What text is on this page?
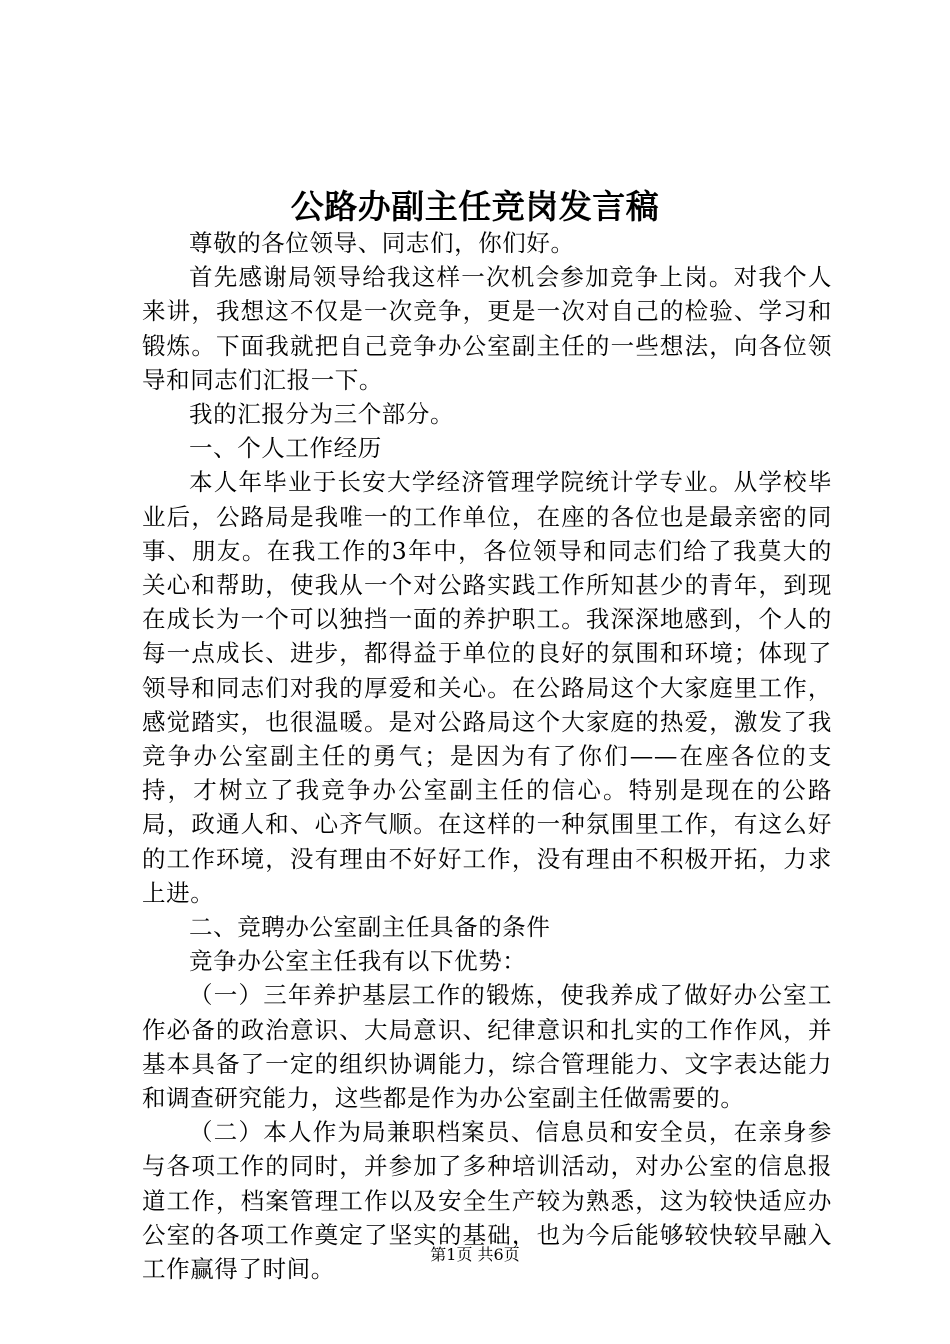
公路办副主任竞岗发言稿

尊敬的各位领导、同志们，你们好。

首先感谢局领导给我这样一次机会参加竞争上岗。对我个人来讲，我想这不仅是一次竞争，更是一次对自己的检验、学习和锻炼。下面我就把自己竞争办公室副主任的一些想法，向各位领导和同志们汇报一下。

我的汇报分为三个部分。

一、个人工作经历

本人年毕业于长安大学经济管理学院统计学专业。从学校毕业后，公路局是我唯一的工作单位，在座的各位也是最亲密的同事、朋友。在我工作的3年中，各位领导和同志们给了我莫大的关心和帮助，使我从一个对公路实践工作所知甚少的青年，到现在成长为一个可以独挡一面的养护职工。我深深地感到，个人的每一点成长、进步，都得益于单位的良好的氛围和环境；体现了领导和同志们对我的厚爱和关心。在公路局这个大家庭里工作，感觉踏实，也很温暖。是对公路局这个大家庭的热爱，激发了我竞争办公室副主任的勇气；是因为有了你们——在座各位的支持，才树立了我竞争办公室副主任的信心。特别是现在的公路局，政通人和、心齐气顺。在这样的一种氛围里工作，有这么好的工作环境，没有理由不好好工作，没有理由不积极开拓，力求上进。

二、竞聘办公室副主任具备的条件

竞争办公室主任我有以下优势：

（一）三年养护基层工作的锻炼，使我养成了做好办公室工作必备的政治意识、大局意识、纪律意识和扎实的工作作风，并基本具备了一定的组织协调能力，综合管理能力、文字表达能力和调查研究能力，这些都是作为办公室副主任做需要的。

（二）本人作为局兼职档案员、信息员和安全员，在亲身参与各项工作的同时，并参加了多种培训活动，对办公室的信息报道工作，档案管理工作以及安全生产较为熟悉，这为较快适应办公室的各项工作奠定了坚实的基础，也为今后能够较快较早融入工作赢得了时间。

第1页 共6页
